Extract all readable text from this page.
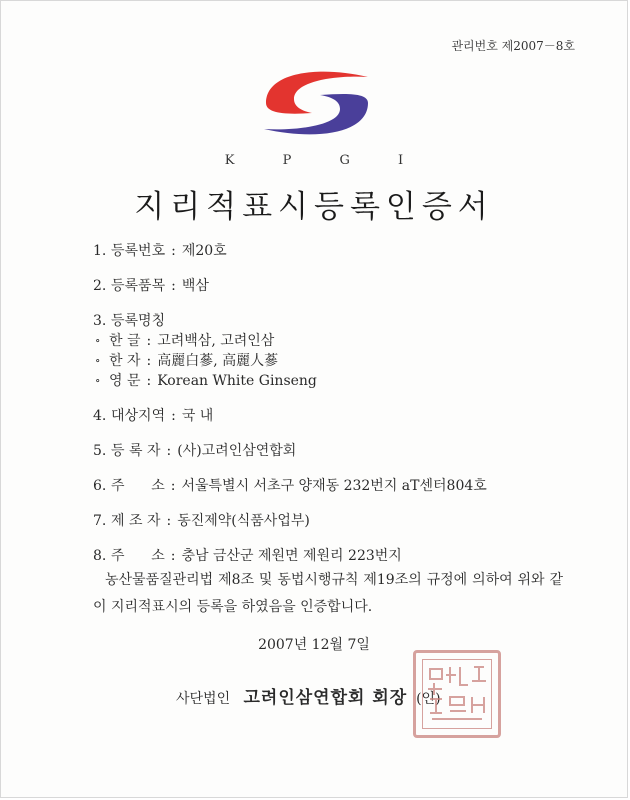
관리번호 제2007－8호
K P G I
지리적표시등록인증서
1. 등록번호 : 제20호
2. 등록품목 : 백삼
3. 등록명칭
∘ 한 글 : 고려백삼, 고려인삼
∘ 한 자 : 高麗白蔘, 高麗人蔘
∘ 영 문 : Korean White Ginseng
4. 대상지역 : 국 내
5. 등 록 자 : (사)고려인삼연합회
6. 주      소 : 서울특별시 서초구 양재동 232번지 aT센터804호
7. 제 조 자 : 동진제약(식품사업부)
8. 주      소 : 충남 금산군 제원면 제원리 223번지
농산물품질관리법 제8조 및 동법시행규칙 제19조의 규정에 의하여 위와 같이 지리적표시의 등록을 하였음을 인증합니다.
2007년 12월 7일
사단법인 고려인삼연합회 회장 (인)
